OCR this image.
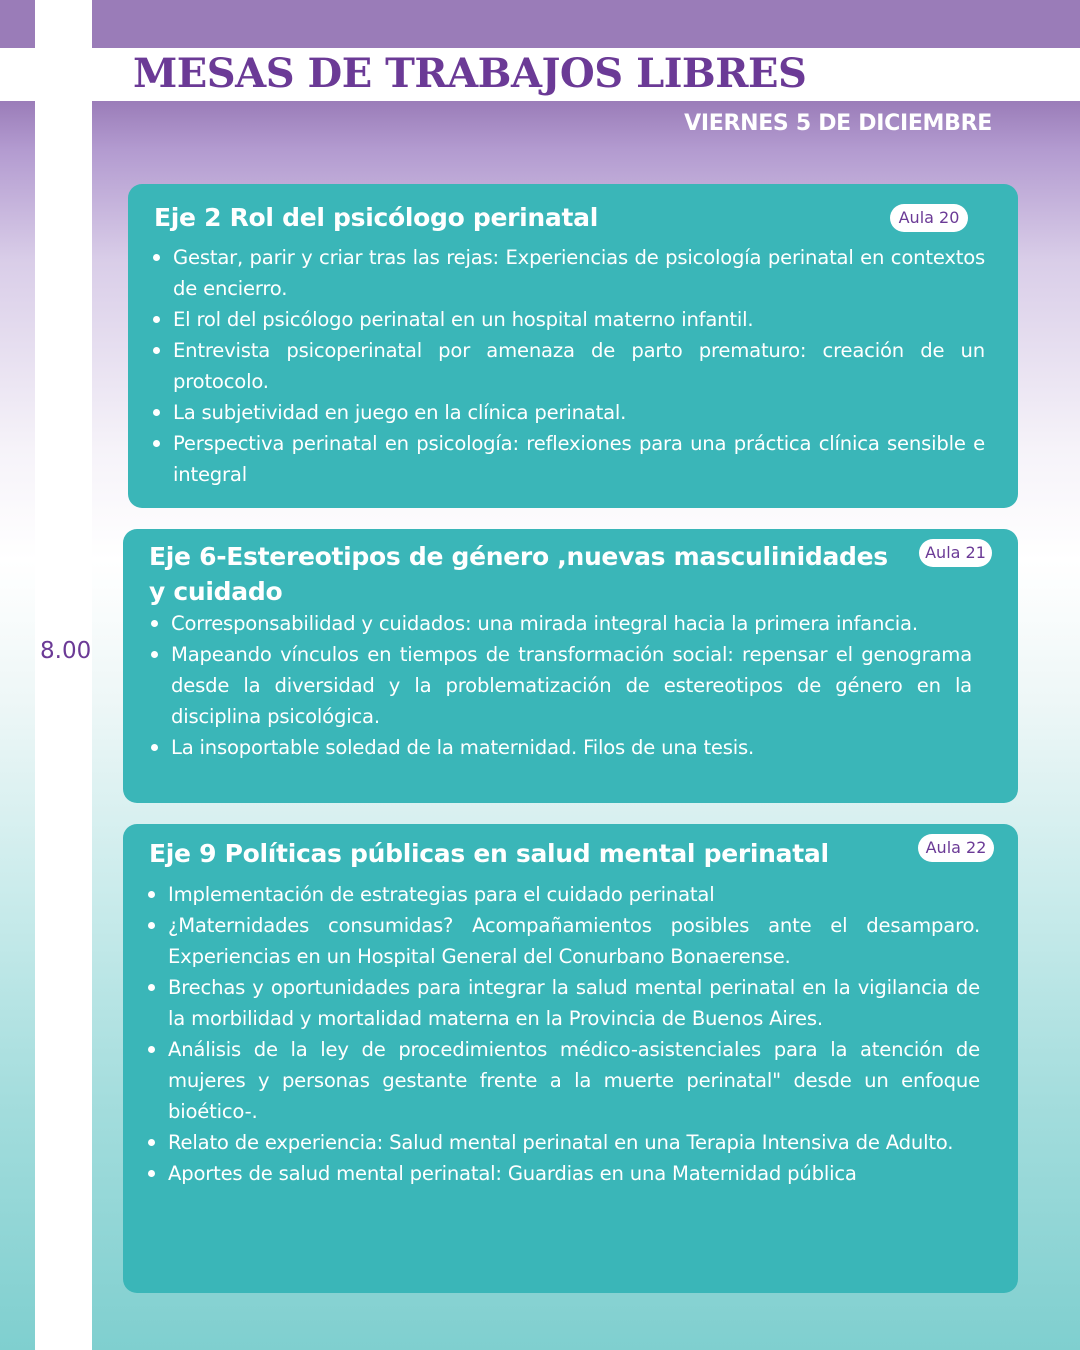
MESAS DE TRABAJOS LIBRES
VIERNES 5 DE DICIEMBRE
8.00
Eje 2 Rol del psicólogo perinatal	Aula 20
Gestar, parir y criar tras las rejas: Experiencias de psicología perinatal en contextos de encierro.
El rol del psicólogo perinatal en un hospital materno infantil.
Entrevista psicoperinatal por amenaza de parto prematuro: creación de un protocolo.
La subjetividad en juego en la clínica perinatal.
Perspectiva perinatal en psicología: reflexiones para una práctica clínica sensible e integral
Eje 6-Estereotipos de género ,nuevas masculinidades y cuidado
Aula 21
Corresponsabilidad y cuidados: una mirada integral hacia la primera infancia.
Mapeando vínculos en tiempos de transformación social: repensar el genograma desde la diversidad y la problematización de estereotipos de género en la disciplina psicológica.
La insoportable soledad de la maternidad. Filos de una tesis.
Eje 9 Políticas públicas en salud mental perinatal	Aula 22
Implementación de estrategias para el cuidado perinatal
¿Maternidades consumidas? Acompañamientos posibles ante el desamparo. Experiencias en un Hospital General del Conurbano Bonaerense.
Brechas y oportunidades para integrar la salud mental perinatal en la vigilancia de la morbilidad y mortalidad materna en la Provincia de Buenos Aires.
Análisis de la ley de procedimientos médico-asistenciales para la atención de mujeres y personas gestante frente a la muerte perinatal" desde un enfoque bioético-.
Relato de experiencia: Salud mental perinatal en una Terapia Intensiva de Adulto.
Aportes de salud mental perinatal: Guardias en una Maternidad pública
